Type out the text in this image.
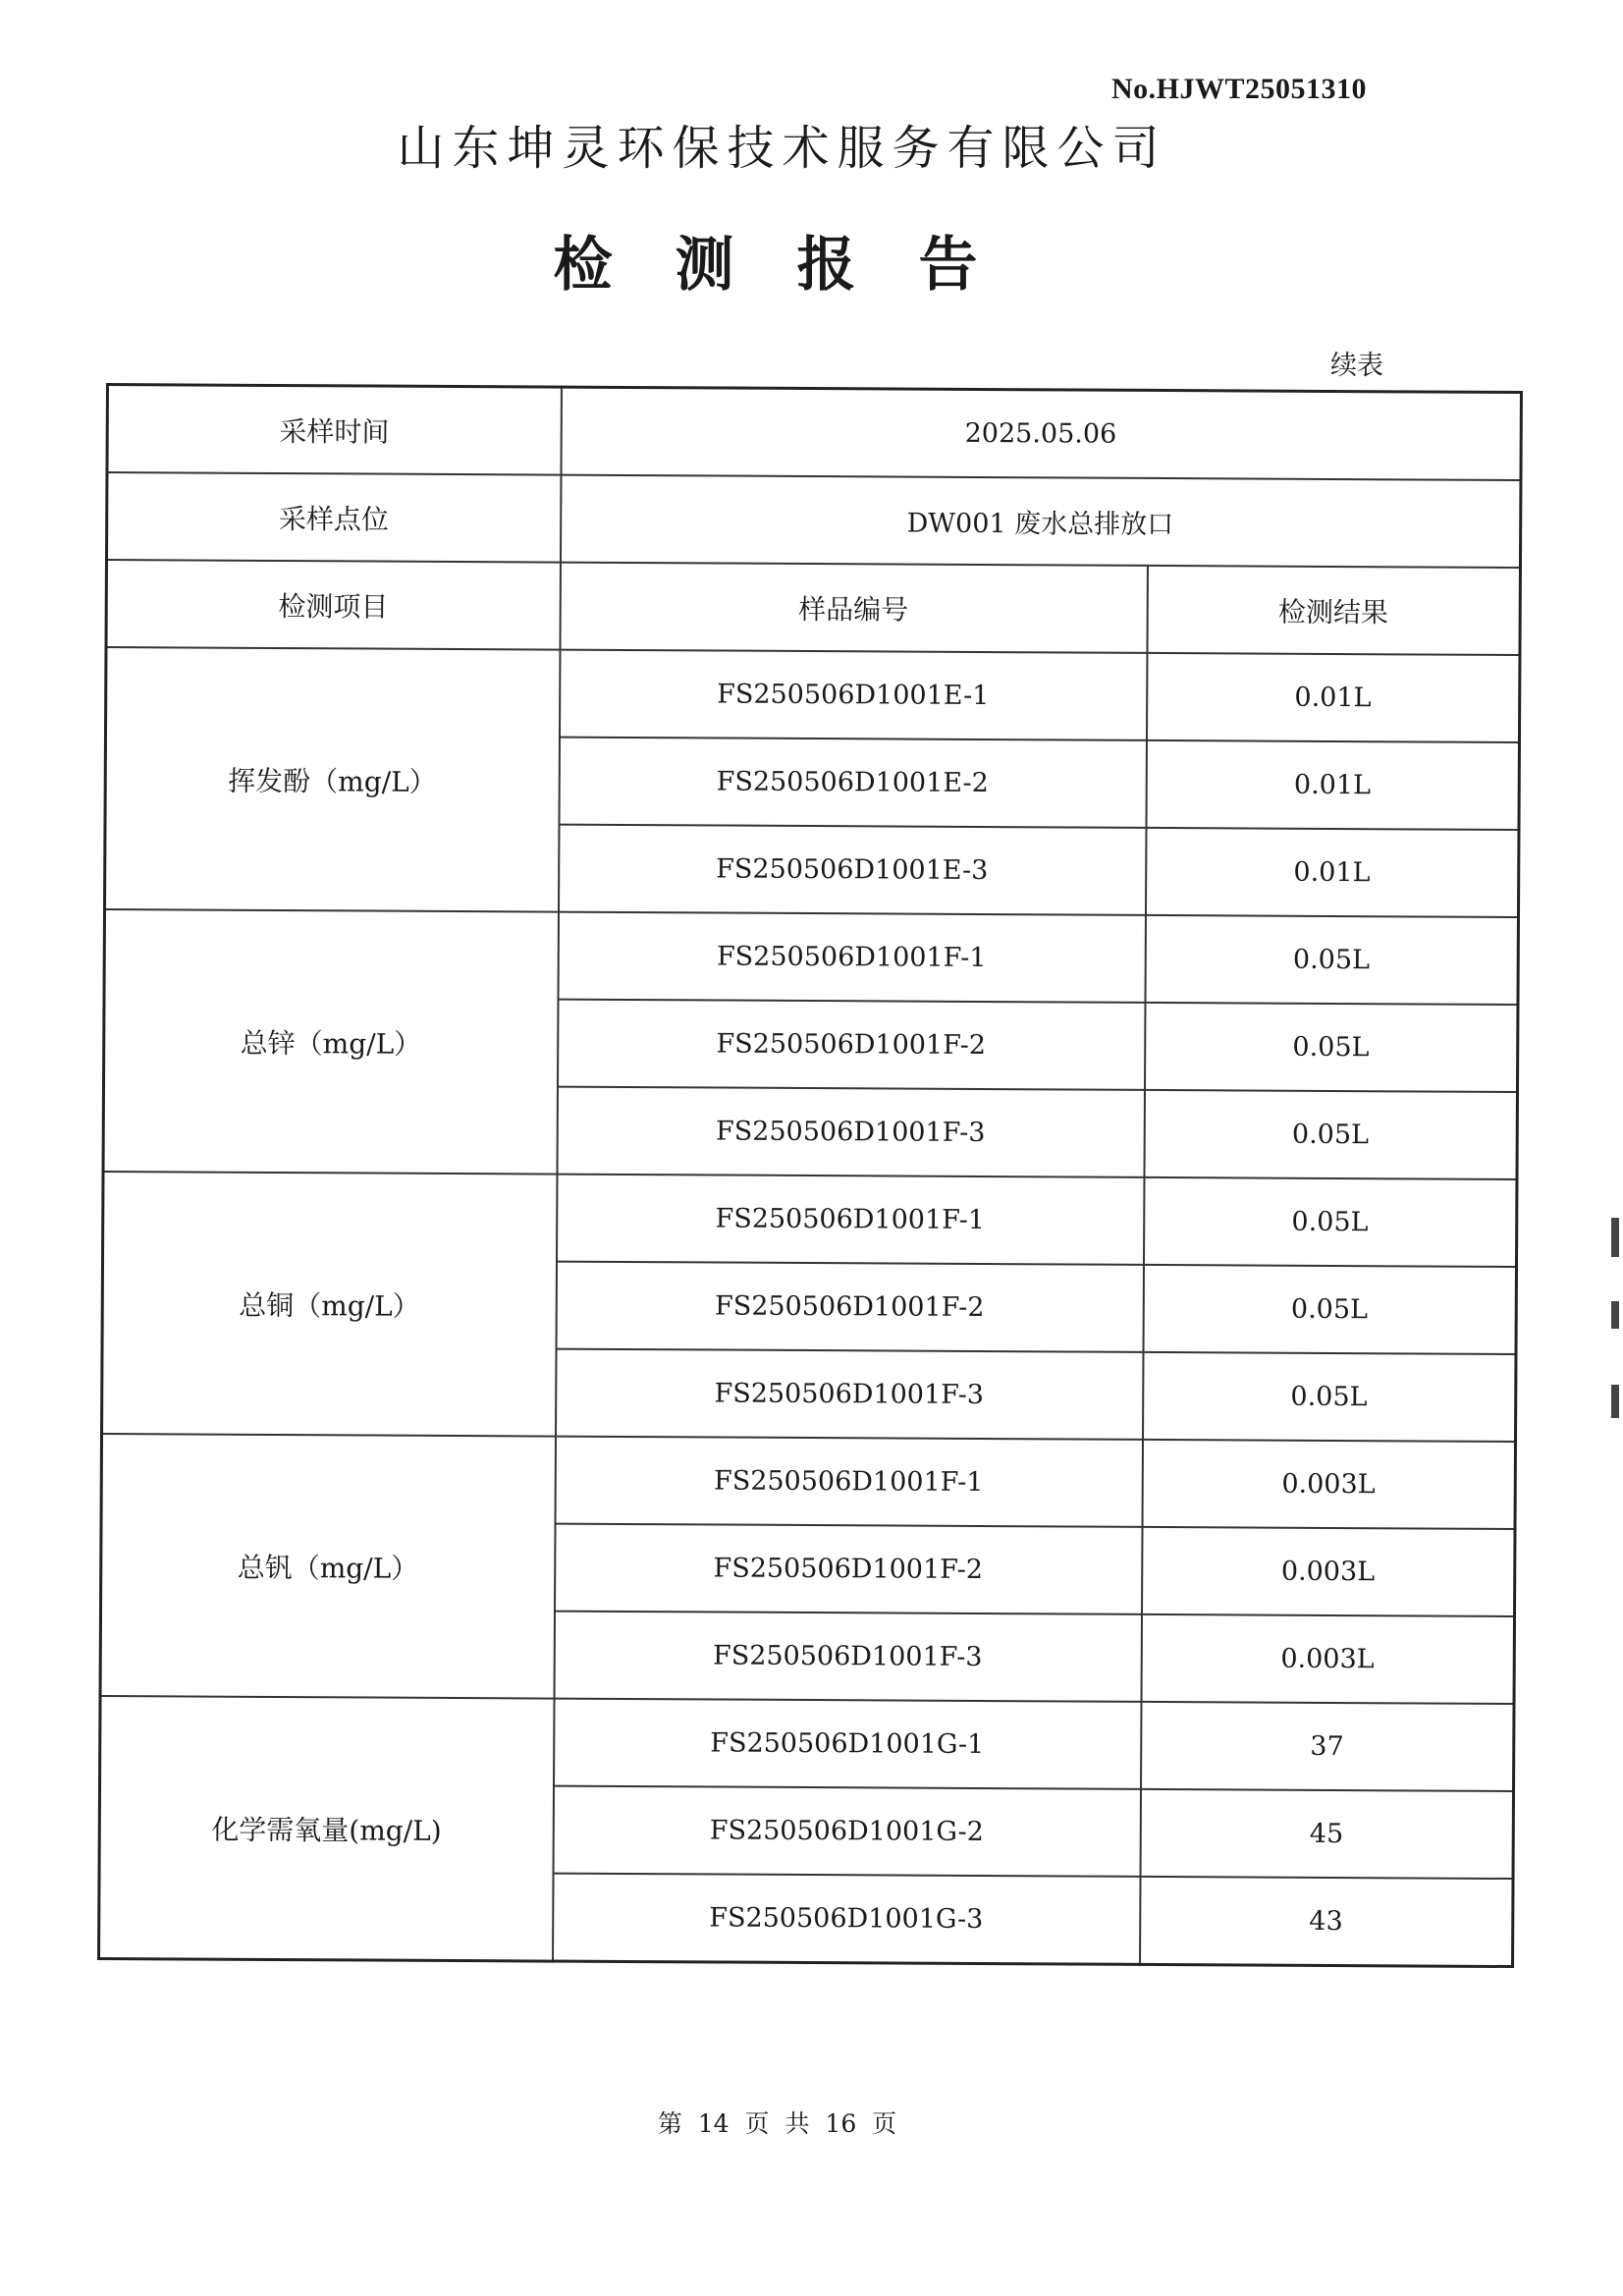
No.HJWT25051310
山东坤灵环保技术服务有限公司
检测报告
续表
采样时间	2025.05.06	
采样点位	DW001 废水总排放口	
检测项目	样品编号	检测结果
挥发酚（mg/L）	FS250506D1001E-1	0.01L
	FS250506D1001E-2	0.01L
	FS250506D1001E-3	0.01L
总锌（mg/L）	FS250506D1001F-1	0.05L
	FS250506D1001F-2	0.05L
	FS250506D1001F-3	0.05L
总铜（mg/L）	FS250506D1001F-1	0.05L
	FS250506D1001F-2	0.05L
	FS250506D1001F-3	0.05L
总钒（mg/L）	FS250506D1001F-1	0.003L
	FS250506D1001F-2	0.003L
	FS250506D1001F-3	0.003L
化学需氧量(mg/L)	FS250506D1001G-1	37
	FS250506D1001G-2	45
	FS250506D1001G-3	43
第 14 页 共 16 页
